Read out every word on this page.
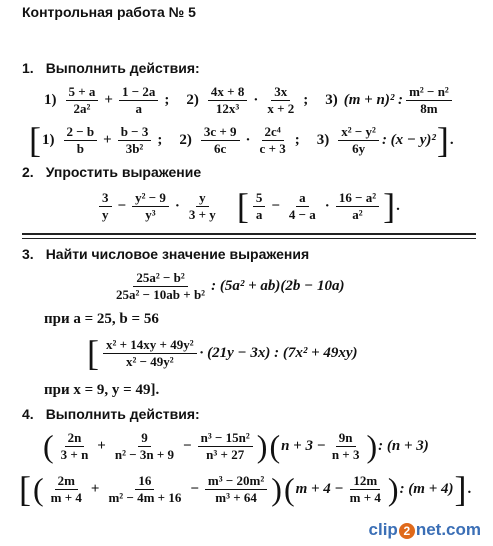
Контрольная работа № 5
1. Выполнить действия:
$1) \frac{5 + a}{\text{2a²}} + \frac{1 - 2a}{a}$ ; $2) \frac{4x + 8}{\text{12x³}} \cdot \frac{3x}{x + 2}$ ; 3) (m + n)² : $\frac{\text{m² − n²}}{8m}$
[ $1) \frac{2 - b}{b} + \frac{b - 3}{\text{3b²}}$ ; $2) \frac{3c + 9}{6c} \cdot \frac{\text{2c⁴}}{c + 3}$ ; $3) \frac{\text{x² − y²}}{6y}$ : (x − y)² ] .
2. Упростить выражение
$\frac{3}{y} - \frac{\text{y² − 9}}{\text{y³}} \cdot \frac{y}{3 + y}$ [ $\frac{5}{a} - \frac{a}{4 - a} \cdot \frac{\text{16 − a²}}{\text{a²}}$ ] .
3. Найти числовое значение выражения
$\frac{\text{25a² − b²}}{\text{25a² − 10ab + b²}}$ : (5a² + ab)(2b − 10a)
при a = 25, b = 56
[ $\frac{\text{x² + 14xy + 49y²}}{\text{x² − 49y²}} \cdot (21y - 3x)$ : (7x² + 49xy)
при x = 9, y = 49].
4. Выполнить действия:
( $\frac{2n}{3 + n} + \frac{9}{\text{n² − 3n + 9}} - \frac{\text{n³ − 15n²}}{\text{n³ + 27}}$ ) ( $n + 3 - \frac{9n}{n + 3}$ ) : (n + 3)
[ ( $\frac{2m}{m + 4} + \frac{16}{\text{m² − 4m + 16}} - \frac{\text{m³ − 20m²}}{\text{m³ + 64}}$ ) ( $m + 4 - \frac{12m}{m + 4}$ ) : (m + 4) ] .
clip 2 net.com
